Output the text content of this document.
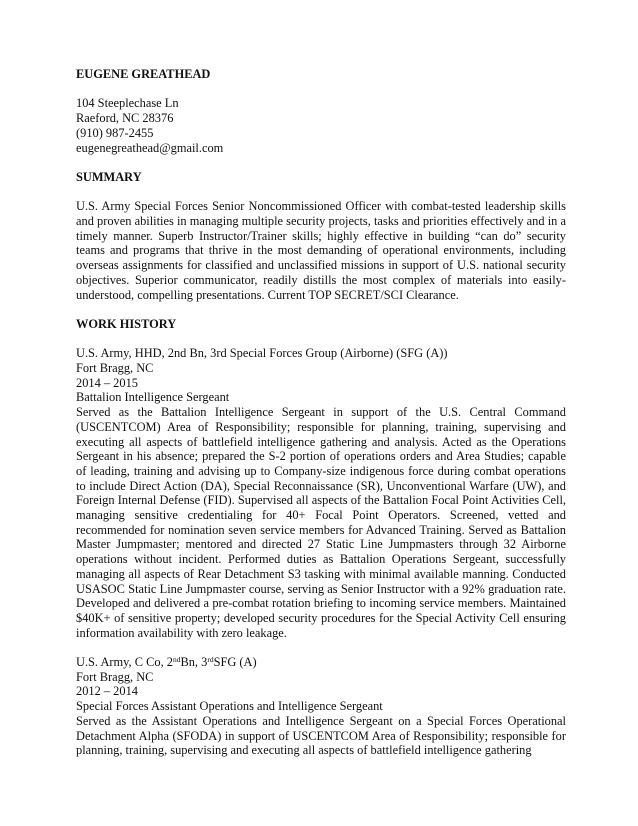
EUGENE GREATHEAD
104 Steeplechase Ln
Raeford, NC 28376
(910) 987-2455
eugenegreathead@gmail.com
SUMMARY
U.S. Army Special Forces Senior Noncommissioned Officer with combat-tested leadership skills and proven abilities in managing multiple security projects, tasks and priorities effectively and in a timely manner. Superb Instructor/Trainer skills; highly effective in building “can do” security teams and programs that thrive in the most demanding of operational environments, including overseas assignments for classified and unclassified missions in support of U.S. national security objectives. Superior communicator, readily distills the most complex of materials into easily-understood, compelling presentations. Current TOP SECRET/SCI Clearance.
WORK HISTORY
U.S. Army, HHD, 2nd Bn, 3rd Special Forces Group (Airborne) (SFG (A))
Fort Bragg, NC
2014 – 2015
Battalion Intelligence Sergeant
Served as the Battalion Intelligence Sergeant in support of the U.S. Central Command (USCENTCOM) Area of Responsibility; responsible for planning, training, supervising and executing all aspects of battlefield intelligence gathering and analysis. Acted as the Operations Sergeant in his absence; prepared the S-2 portion of operations orders and Area Studies; capable of leading, training and advising up to Company-size indigenous force during combat operations to include Direct Action (DA), Special Reconnaissance (SR), Unconventional Warfare (UW), and Foreign Internal Defense (FID). Supervised all aspects of the Battalion Focal Point Activities Cell, managing sensitive credentialing for 40+ Focal Point Operators. Screened, vetted and recommended for nomination seven service members for Advanced Training. Served as Battalion Master Jumpmaster; mentored and directed 27 Static Line Jumpmasters through 32 Airborne operations without incident. Performed duties as Battalion Operations Sergeant, successfully managing all aspects of Rear Detachment S3 tasking with minimal available manning. Conducted USASOC Static Line Jumpmaster course, serving as Senior Instructor with a 92% graduation rate. Developed and delivered a pre-combat rotation briefing to incoming service members. Maintained $40K+ of sensitive property; developed security procedures for the Special Activity Cell ensuring information availability with zero leakage.
U.S. Army, C Co, 2ndBn, 3rdSFG (A)
Fort Bragg, NC
2012 – 2014
Special Forces Assistant Operations and Intelligence Sergeant
Served as the Assistant Operations and Intelligence Sergeant on a Special Forces Operational Detachment Alpha (SFODA) in support of USCENTCOM Area of Responsibility; responsible for planning, training, supervising and executing all aspects of battlefield intelligence gathering
